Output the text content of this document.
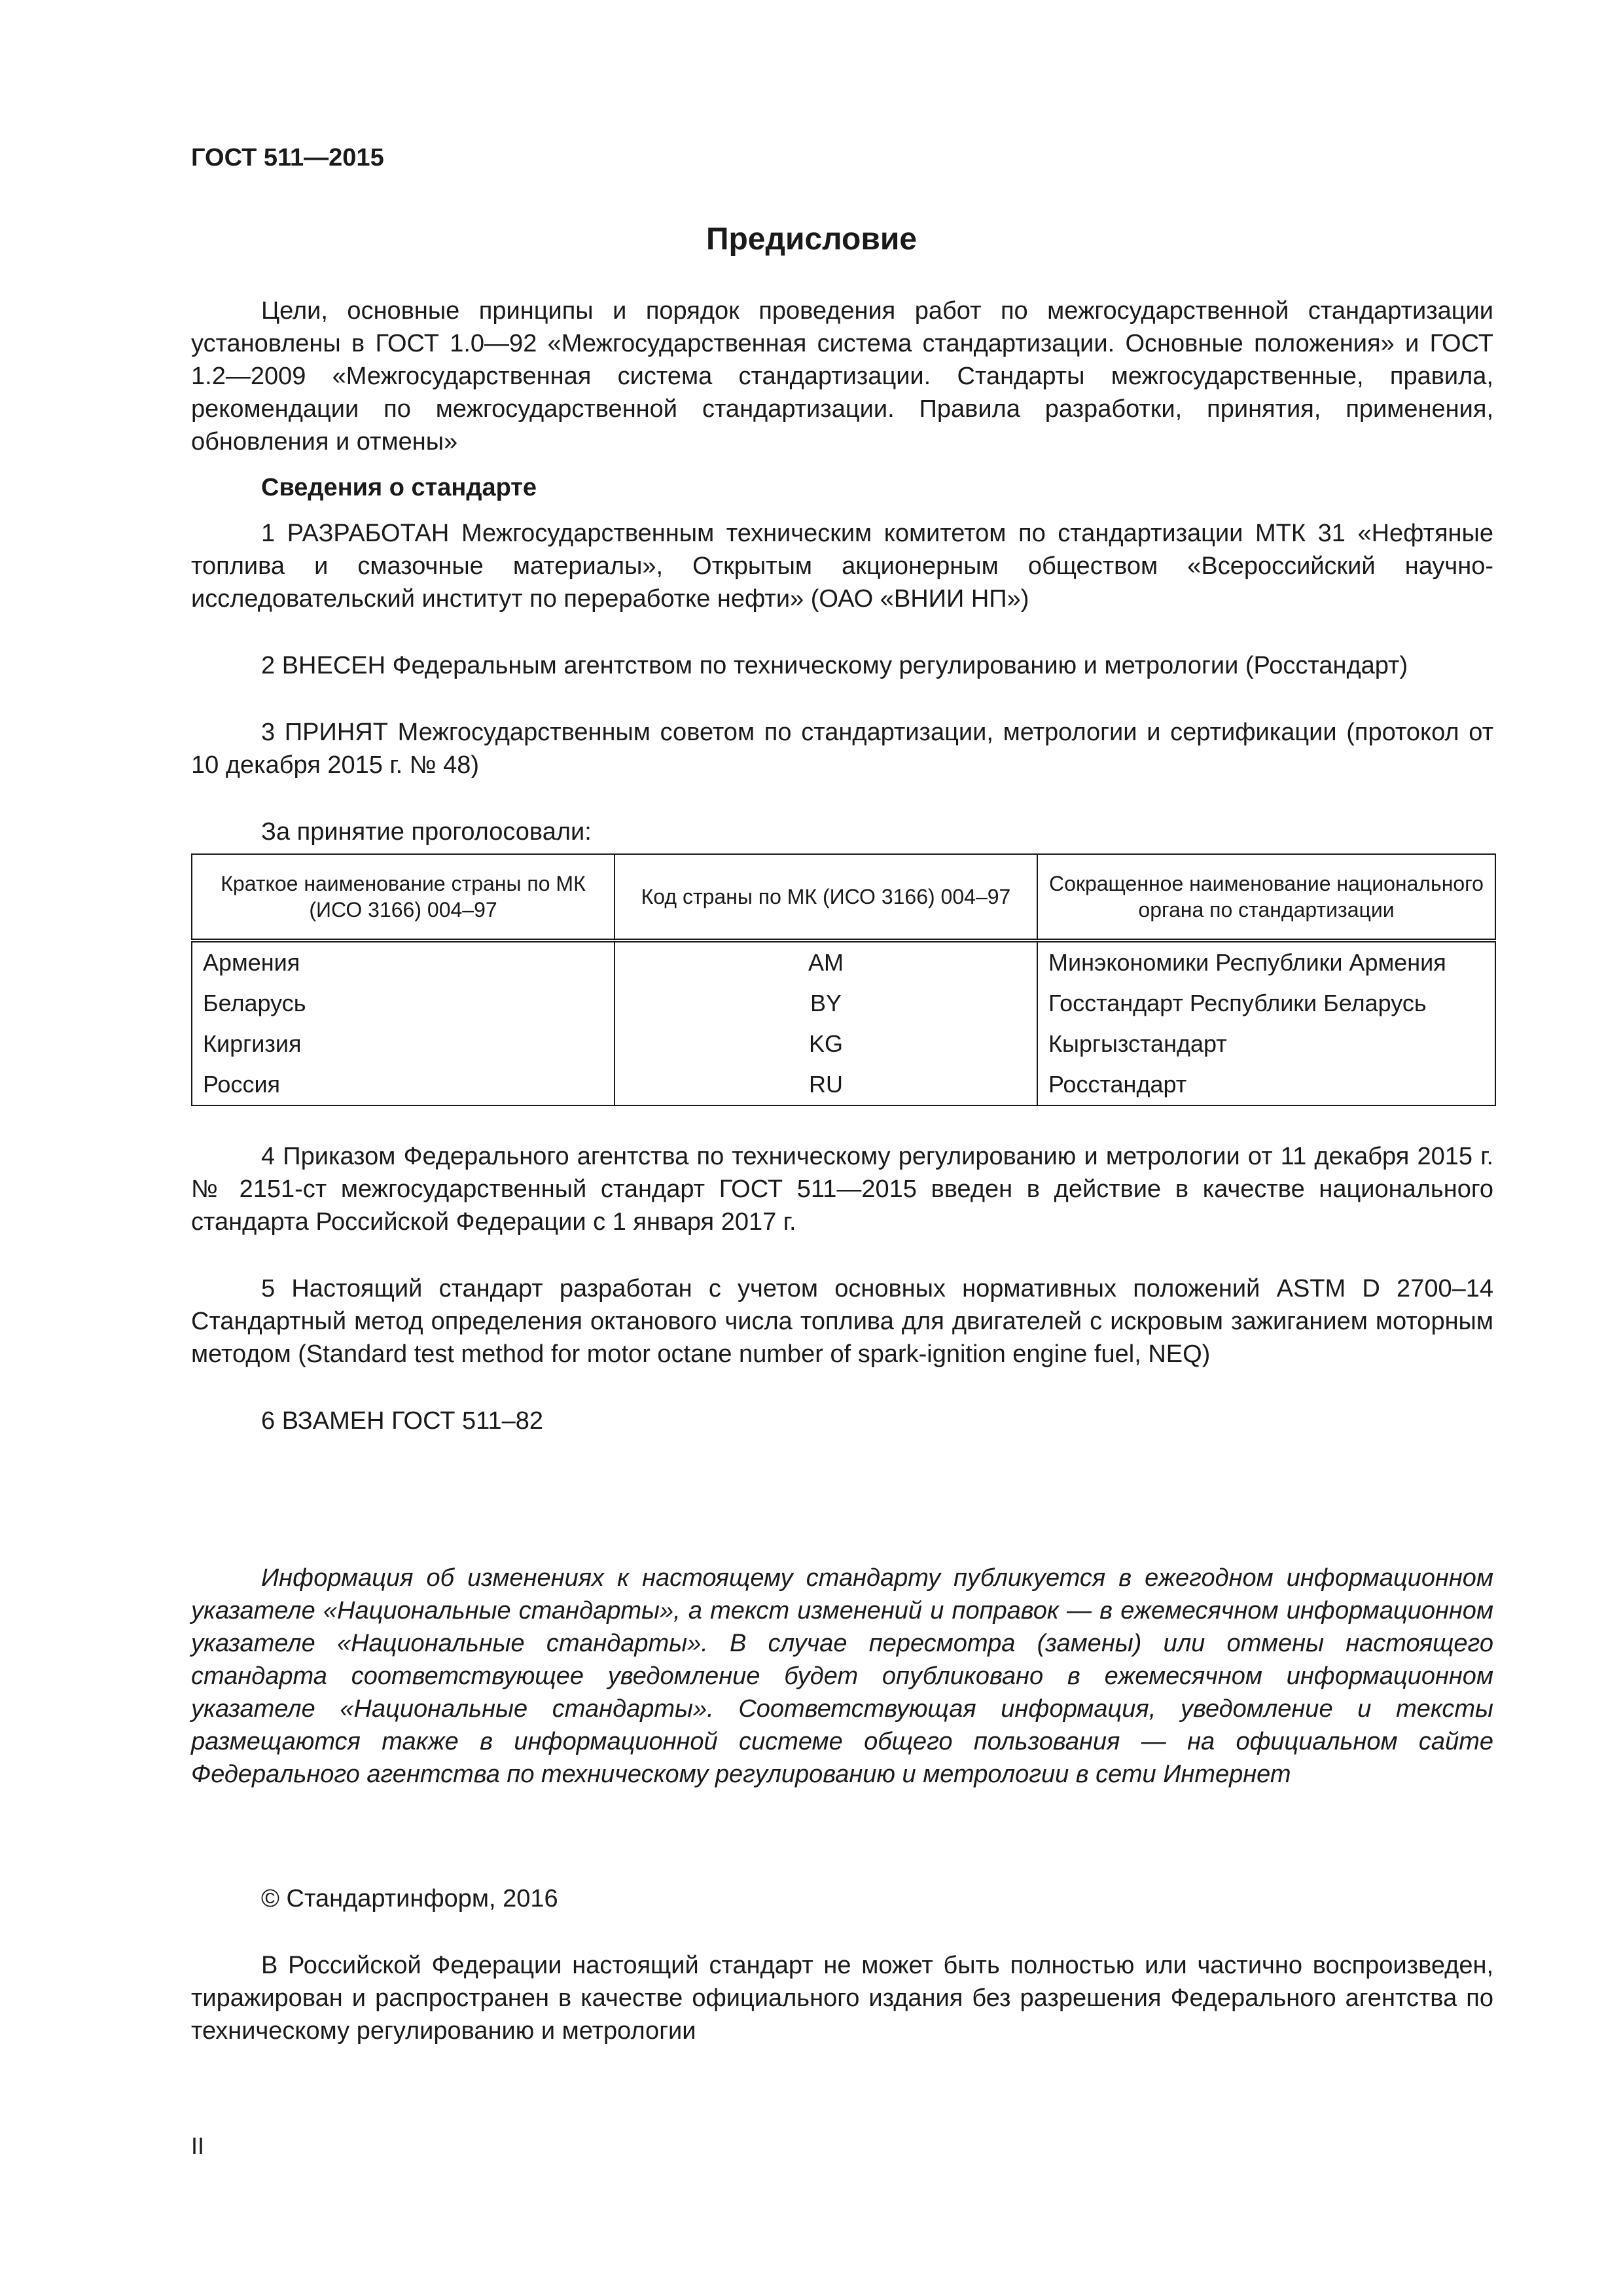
ГОСТ 511—2015

Предисловие

Цели, основные принципы и порядок проведения работ по межгосударственной стандартизации установлены в ГОСТ 1.0—92 «Межгосударственная система стандартизации. Основные положения» и ГОСТ 1.2—2009 «Межгосударственная система стандартизации. Стандарты межгосударственные, правила, рекомендации по межгосударственной стандартизации. Правила разработки, принятия, применения, обновления и отмены»

Сведения о стандарте

1 РАЗРАБОТАН Межгосударственным техническим комитетом по стандартизации МТК 31 «Нефтяные топлива и смазочные материалы», Открытым акционерным обществом «Всероссийский научно-исследовательский институт по переработке нефти» (ОАО «ВНИИ НП»)

2 ВНЕСЕН Федеральным агентством по техническому регулированию и метрологии (Росстандарт)

3 ПРИНЯТ Межгосударственным советом по стандартизации, метрологии и сертификации (протокол от 10 декабря 2015 г. № 48)

За принятие проголосовали:

Краткое наименование страны по МК (ИСО 3166) 004–97	Код страны по МК (ИСО 3166) 004–97	Сокращенное наименование национального органа по стандартизации
Армения	AM	Минэкономики Республики Армения
Беларусь	BY	Госстандарт Республики Беларусь
Киргизия	KG	Кыргызстандарт
Россия	RU	Росстандарт

4 Приказом Федерального агентства по техническому регулированию и метрологии от 11 декабря 2015 г. № 2151-ст межгосударственный стандарт ГОСТ 511—2015 введен в действие в качестве национального стандарта Российской Федерации с 1 января 2017 г.

5 Настоящий стандарт разработан с учетом основных нормативных положений ASTM D 2700–14 Стандартный метод определения октанового числа топлива для двигателей с искровым зажиганием моторным методом (Standard test method for motor octane number of spark-ignition engine fuel, NEQ)

6 ВЗАМЕН ГОСТ 511–82

Информация об изменениях к настоящему стандарту публикуется в ежегодном информационном указателе «Национальные стандарты», а текст изменений и поправок — в ежемесячном информационном указателе «Национальные стандарты». В случае пересмотра (замены) или отмены настоящего стандарта соответствующее уведомление будет опубликовано в ежемесячном информационном указателе «Национальные стандарты». Соответствующая информация, уведомление и тексты размещаются также в информационной системе общего пользования — на официальном сайте Федерального агентства по техническому регулированию и метрологии в сети Интернет

© Стандартинформ, 2016

В Российской Федерации настоящий стандарт не может быть полностью или частично воспроизведен, тиражирован и распространен в качестве официального издания без разрешения Федерального агентства по техническому регулированию и метрологии

II
